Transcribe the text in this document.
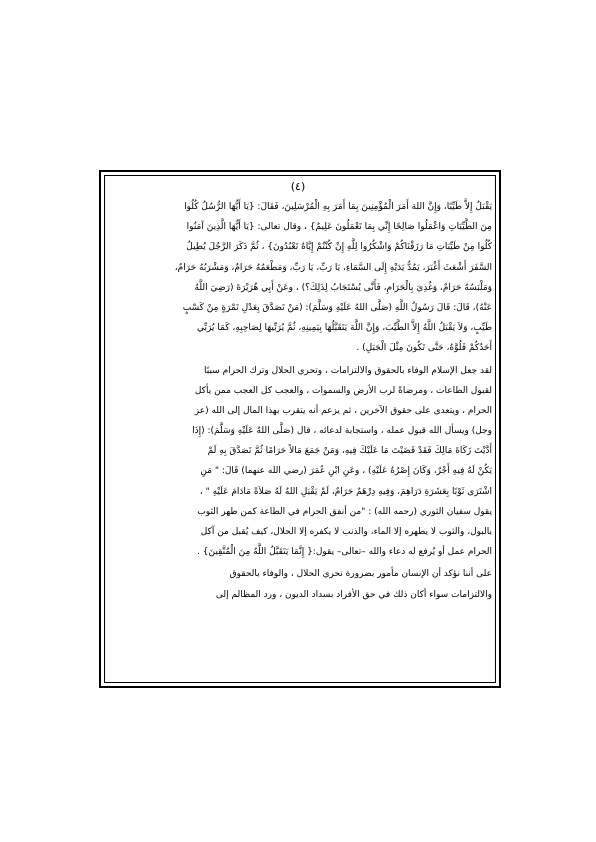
(٤)
يَقْبَلُ إِلاَّ طَيِّبًا، وَإِنَّ اللهَ أَمَرَ الْمُؤْمِنِينَ بِمَا أَمَرَ بِهِ الْمُرْسَلِينَ، فَقَالَ: {يَا أَيُّهَا الرُّسُلُ كُلُوا
مِنَ الطَّيِّبَاتِ وَاعْمَلُوا صَالِحًا إِنِّي بِمَا تَعْمَلُونَ عَلِيمٌ} ، وقال تعالى: {يَا أَيُّهَا الَّذِينَ آمَنُوا
كُلُوا مِنْ طَيِّبَاتِ مَا رَزَقْنَاكُمْ وَاشْكُرُوا لِلَّهِ إِنْ كُنْتُمْ إِيَّاهُ تَعْبُدُونَ} ، ثُمَّ ذَكَرَ الرَّجُلَ يُطِيلُ
السَّفَرَ أَشْعَثَ أَغْبَرَ، يَمُدُّ يَدَيْهِ إِلَى السَّمَاءِ، يَا رَبِّ، يَا رَبِّ، وَمَطْعَمُهُ حَرَامٌ، وَمَشْرَبُهُ حَرَامٌ،
وَمَلْبَسُهُ حَرَامٌ، وَغُذِيَ بِالْحَرَامِ، فَأَنَّى يُسْتَجَابُ لِذَلِكَ؟) ، وعَنْ أَبِي هُرَيْرَةَ (رَضِيَ اللَّهُ
عَنْهُ)، قَالَ: قَالَ رَسُولُ اللَّهِ (صَلَّى اللهُ عَلَيْهِ وَسَلَّمَ): (مَنْ تَصَدَّقَ بِعَدْلِ تَمْرَةٍ مِنْ كَسْبٍ
طَيِّبٍ، وَلاَ يَقْبَلُ اللَّهُ إِلاَّ الطَّيِّبَ، وَإِنَّ اللَّهَ يَتَقَبَّلُهَا بِيَمِينِهِ، ثُمَّ يُرَبِّيهَا لِصَاحِبِهِ، كَمَا يُرَبِّي
أَحَدُكُمْ فَلُوَّهُ، حَتَّى تَكُونَ مِثْلَ الْجَبَلِ) .
لقد جعل الإسلام الوفاء بالحقوق والالتزامات ، وتحري الحلال وترك الحرام سببًا
لقبول الطاعات ، ومرضاةً لرب الأرض والسموات ، والعجب كل العجب ممن يأكل
الحرام ، ويتعدى على حقوق الآخرين ، ثم يزعم أنه يتقرب بهذا المال إلى الله (عز
وجل) ويسأل الله قبول عمله ، واستجابة لدعائه ، قال (صَلَّى اللهُ عَلَيْهِ وَسَلَّمَ): (إِذَا
أَدَّيْتَ زَكَاةَ مَالِكَ فَقَدْ قَضَيْتَ مَا عَلَيْكَ فِيهِ، وَمَنْ جَمَعَ مَالاً حَرَامًا ثُمَّ تَصَدَّقَ بِهِ لَمْ
يَكُنْ لَهُ فِيهِ أَجْرٌ، وَكَانَ إِصْرُهُ عَلَيْهِ) ، وعَنِ ابْنِ عُمَرَ (رضي الله عنهما) قَالَ: " مَنِ
اشْتَرَى ثَوْبًا بِعَشَرَةِ دَرَاهِمَ، وَفِيهِ دِرْهَمٌ حَرَامٌ، لَمْ يَقْبَلِ اللهُ لَهُ صَلاَةً مَادَامَ عَلَيْهِ " ،
يقول سفيان الثوري (رحمه الله) : "من أنفق الحرام في الطاعة كمن طهر الثوب
بالبول، والثوب لا يطهره إلا الماء، والذنب لا يكفره إلا الحلال، كيف يُقبل من آكل
الحرام عمل أو يُرفع له دعاء والله –تعالى– يقول:{ إِنَّمَا يَتَقَبَّلُ اللَّهُ مِنَ الْمُتَّقِينَ} .
على أننا نؤكد أن الإنسان مأمور بضرورة تحري الحلال ، والوفاء بالحقوق
والالتزامات سواء أكان ذلك في حق الأفراد بسداد الديون ، ورد المظالم إلى
